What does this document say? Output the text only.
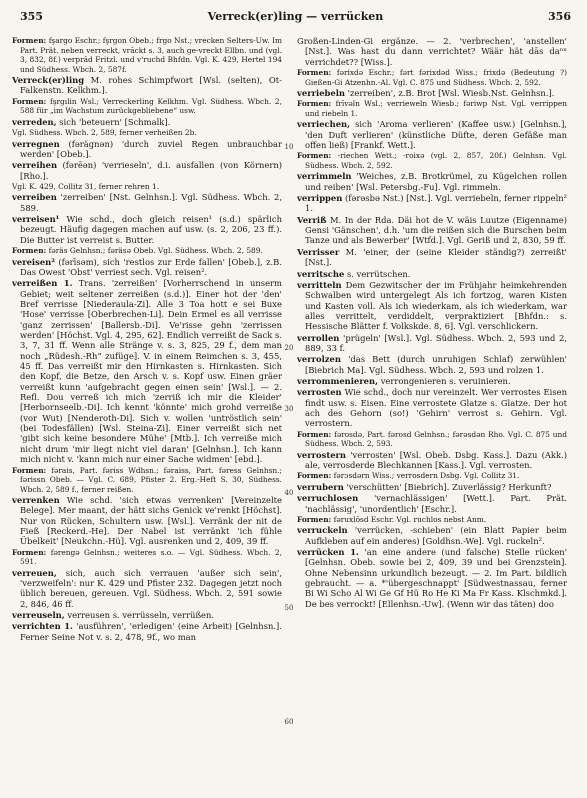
355	Verreck(er)ling — verrücken	356

Formen: fşargo Eschr.; fşrgon Obeb.; frgo Nst.; vrecken Selters-Uw. Im Part. Prät. neben verreckt, vrăckt s. 3, auch ge-vreckt Ellbn. und (vgl. 3, 832, 8f.) verprâd Fritzl. und v'ruchd Bhfdn. Vgl. K. 429, Hertel 194 und Südhess. Wbch. 2, 587f.

Verreck(er)ling M. rohes Schimpfwort [Wsl. (selten), Ot-Falkenstn. Kelkhm.].

Formen: fşrgılin Wsl.; Verreckerling Kelkhm. Vgl. Südhess. Wbch. 2, 588 für „im Wachstum zurückgebliebene“ usw.

verreden, sich 'beteuern' [Schmalk].

Vgl. Südhess. Wbch. 2, 589, ferner verheißen 2b.

verregnen (fərägnən) 'durch zuviel Regen unbrauchbar werden' [Obeb.].

verreihen (fərēən) 'verrieseln', d.i. ausfallen (von Körnern) [Rho.].

Vgl. K. 429, Collitz 31, ferner rehren 1.

verreiben 'zerreiben' [Nst. Gelnhsn.]. Vgl. Südhess. Wbch. 2, 589.

verreisen¹ Wie schd., doch gleich reisen¹ (s.d.) spärlich bezeugt. Häufig dagegen machen auf usw. (s. 2, 206, 23 ff.). Die Butter ist verreist s. Butter.

Formen: fəräs Gelnhsn.; fəräsə Obeb. Vgl. Südhess. Wbch. 2, 589.

vereisen² (fərīsəm), sich 'restlos zur Erde fallen' [Obeb.], z.B. Das Owest 'Obst' verriest sech. Vgl. reisen².

verreißen 1. Trans. 'zerreißen' [Vorherrschend in unserm Gebiet; weit seltener zerreißen (s.d.)]. Einer hot der 'den' Bref verrisse [Niederaula-Zi]. Alle 3 Toa hott e sei Buxe 'Hose' verrisse [Oberbrechen-Li]. Dein Ermel es all verrisse 'ganz zerrissen' [Ballersb.-Di]. Ve'risse gehn 'zerrissen werden' [Höchst. Vgl. 4, 295, 62]. Endlich verreißt de Sack s. 3, 7, 31 ff. Wenn alle Stränge v. s. 3, 825, 29 f., dem man noch „Rüdesh.-Rh“ zufüge]. V. in einem Reimchen s. 3, 455, 45 ff. Das verreißt mir den Hirnkasten s. Hirnkasten. Sich den Kopf, die Betze, den Arsch v. s. Kopf usw. Einen gräer verreißt kunn 'aufgebracht gegen einen sein' [Wsl.]. — 2. Refl. Dou verreß ich mich 'zerriß ich mir die Kleider' [Herbornseelb.-Di]. Ich kennt 'könnte' mich grohd verreiße (vor Wut) [Nenderoth-Di]. Sich v. wollen 'untröstlich sein' (bei Todesfällen) [Wsl. Steina-Zi]. Einer verreißt sich net 'gibt sich keine besondere Mühe' [Mtb.]. Ich verreiße mich nicht drum 'mir liegt nicht viel daran' [Gelnhsn.]. Ich kann mich nicht v. 'kann mich nur einer Sache widmen' [ebd.].

Formen: fərais, Part. fəriss Wdhsn.; fəraiss, Part. fəress Gelnhsn.; fərissn Obeb. — Vgl. C. 689, Pfister 2. Erg.-Heft S. 30, Südhess. Wbch. 2, 589 f., ferner reißen.

verrenken Wie schd. 'sich etwas verrenken' [Vereinzelte Belege]. Mer maant, der hätt sichs Genick ve'renkt [Höchst]. Nur von Rücken, Schultern usw. [Wsl.]. Verränk der nit de Fieß [Reckerd.-He]. Der Nabel ist verränkt 'ich fühle Übelkeit' [Neukchn.-Hü]. Vgl. ausrenken und 2, 409, 39 ff.

Formen: fərengə Gelnhsn.; weiteres s.o. — Vgl. Südhess. Wbch. 2, 591.

verreuen, sich, auch sich verrauen 'außer sich sein', 'verzweifeln': nur K. 429 und Pfister 232. Dagegen jetzt noch üblich bereuen, gereuen. Vgl. Südhess. Wbch. 2, 591 sowie 2, 846, 46 ff.

verreuseln, verreusen s. verrüsseln, verrüßen.

verrichten 1. 'ausführen', 'erledigen' (eine Arbeit) [Gelnhsn.]. Ferner Seine Not v. s. 2, 478, 9f., wo man

Großen-Linden-Gi ergänze. — 2. 'verbrechen', 'anstellen' [Nst.]. Was hast du dann verrichtet? Wäär hät dās daⁿⁿ verrichdet?? [Wiss.].

Formen: fərixdə Eschr.; fərt fərixdəd Wiss.; frixdə (Bedeutung ?) Gießen-Gi Atzenhn.-Al. Vgl. C. 875 und Südhess. Wbch. 2, 592.

verriebeln 'zerreiben', z.B. Brot [Wsl. Wiesb.Nst. Gelnhsn.].

Formen: frīvəln Wsl.; verrieweln Wiesb.; fəriwp Nst. Vgl. verrippen und riebeln 1.

verriechen, sich 'Aroma verlieren' (Kaffee usw.) [Gelnhsn.], 'den Duft verlieren' (künstliche Düfte, deren Gefäße man offen ließ) [Frankf. Wett.].

Formen: -riechen Wett.; -roixə (vgl. 2, 857, 20f.) Gelnhsn. Vgl. Südhess. Wbch. 2, 592.

verrimmeln 'Weiches, z.B. Brotkrümel, zu Kügelchen rollen und reiben' [Wsl. Petersbg.-Fu]. Vgl. rimmeln.

verrippen (fərəsbə Nst.) [Nst.]. Vgl. verriebeln, ferner rippeln² 1.

Verriß M. In der Rda. Däi hot de V. wäis Luutze (Eigenname) Gensi 'Gänschen', d.h. 'um die reißen sich die Burschen beim Tanze und als Bewerber' [Wtfd.]. Vgl. Geriß und 2, 830, 59 ff.

Verrisser M. 'einer, der (seine Kleider ständig?) zerreißt' [Nst.].

verritsche s. verrütschen.

verritteln Dem Gezwitscher der im Frühjahr heimkehrenden Schwalben wird untergelegt Als ich fortzog, waren Kisten und Kasten voll. Als ich wiederkam, als ich wiederkam, war alles verrittelt, verdiddelt, verpraktiziert [Bhfdn.: s. Hessische Blätter f. Volkskde. 8, 6]. Vgl. verschlickern.

verrollen 'prügeln' [Wsl.]. Vgl. Südhess. Wbch. 2, 593 und 2, 889, 33 f.

verrolzen 'das Bett (durch unruhigen Schlaf) zerwühlen' [Biebrich Ma]. Vgl. Südhess. Wbch. 2, 593 und rolzen 1.

verrommenieren, verrongenieren s. veruinieren.

verrosten Wie schd., doch nur vereinzelt. Wer verrostes Eisen findt usw. s. Eisen. Eine verrostete Glatze s. Glatze. Der hot ach des Gehorn (so!) 'Gehirn' verrost s. Gehirn. Vgl. verrostern.

Formen: fərosdə, Part. fərosd Gelnhsn.; fərəsdən Rho. Vgl. C. 875 und Südhess. Wbch. 2, 593.

verrostern 'verrosten' [Wsl. Obeb. Dsbg. Kass.]. Dazu (Akk.) ale, verrosderde Blechkannen [Kass.]. Vgl. verrosten.

Formen: fərɔsdərn Wiss.; verrosdern Dsbg. Vgl. Collitz 31.

verrubern 'verschütten' [Biebrich]. Zuverlässig? Herkunft?

verruchlosen 'vernachlässigen' [Wett.]. Part. Prät. 'nachlässig', 'unordentlich' [Eschr.].

Formen: fəruxlōsd Eschr. Vgl. ruchlos nebst Anm.

verruckeln 'verrücken, -schieben' (ein Blatt Papier beim Aufkleben auf ein anderes) [Goldhsn.-We]. Vgl. ruckeln².

verrücken 1. 'an eine andere (und falsche) Stelle rücken' [Gelnhsn. Obeb. sowie bei 2, 409, 39 und bei Grenzstein]. Ohne Nebensinn urkundlich bezeugt. — 2. Im Part. bildlich gebraucht. — a. *'übergeschnappt' [Südwestnassau, ferner Bi Wi Scho Al Wi Ge Gf Hü Ro He Ki Ma Fr Kass. Klschmkd.]. De bes verrockt! [Ellenhsn.-Uw]. (Wenn wir das täten) doo

10
20
30
40
50
60
